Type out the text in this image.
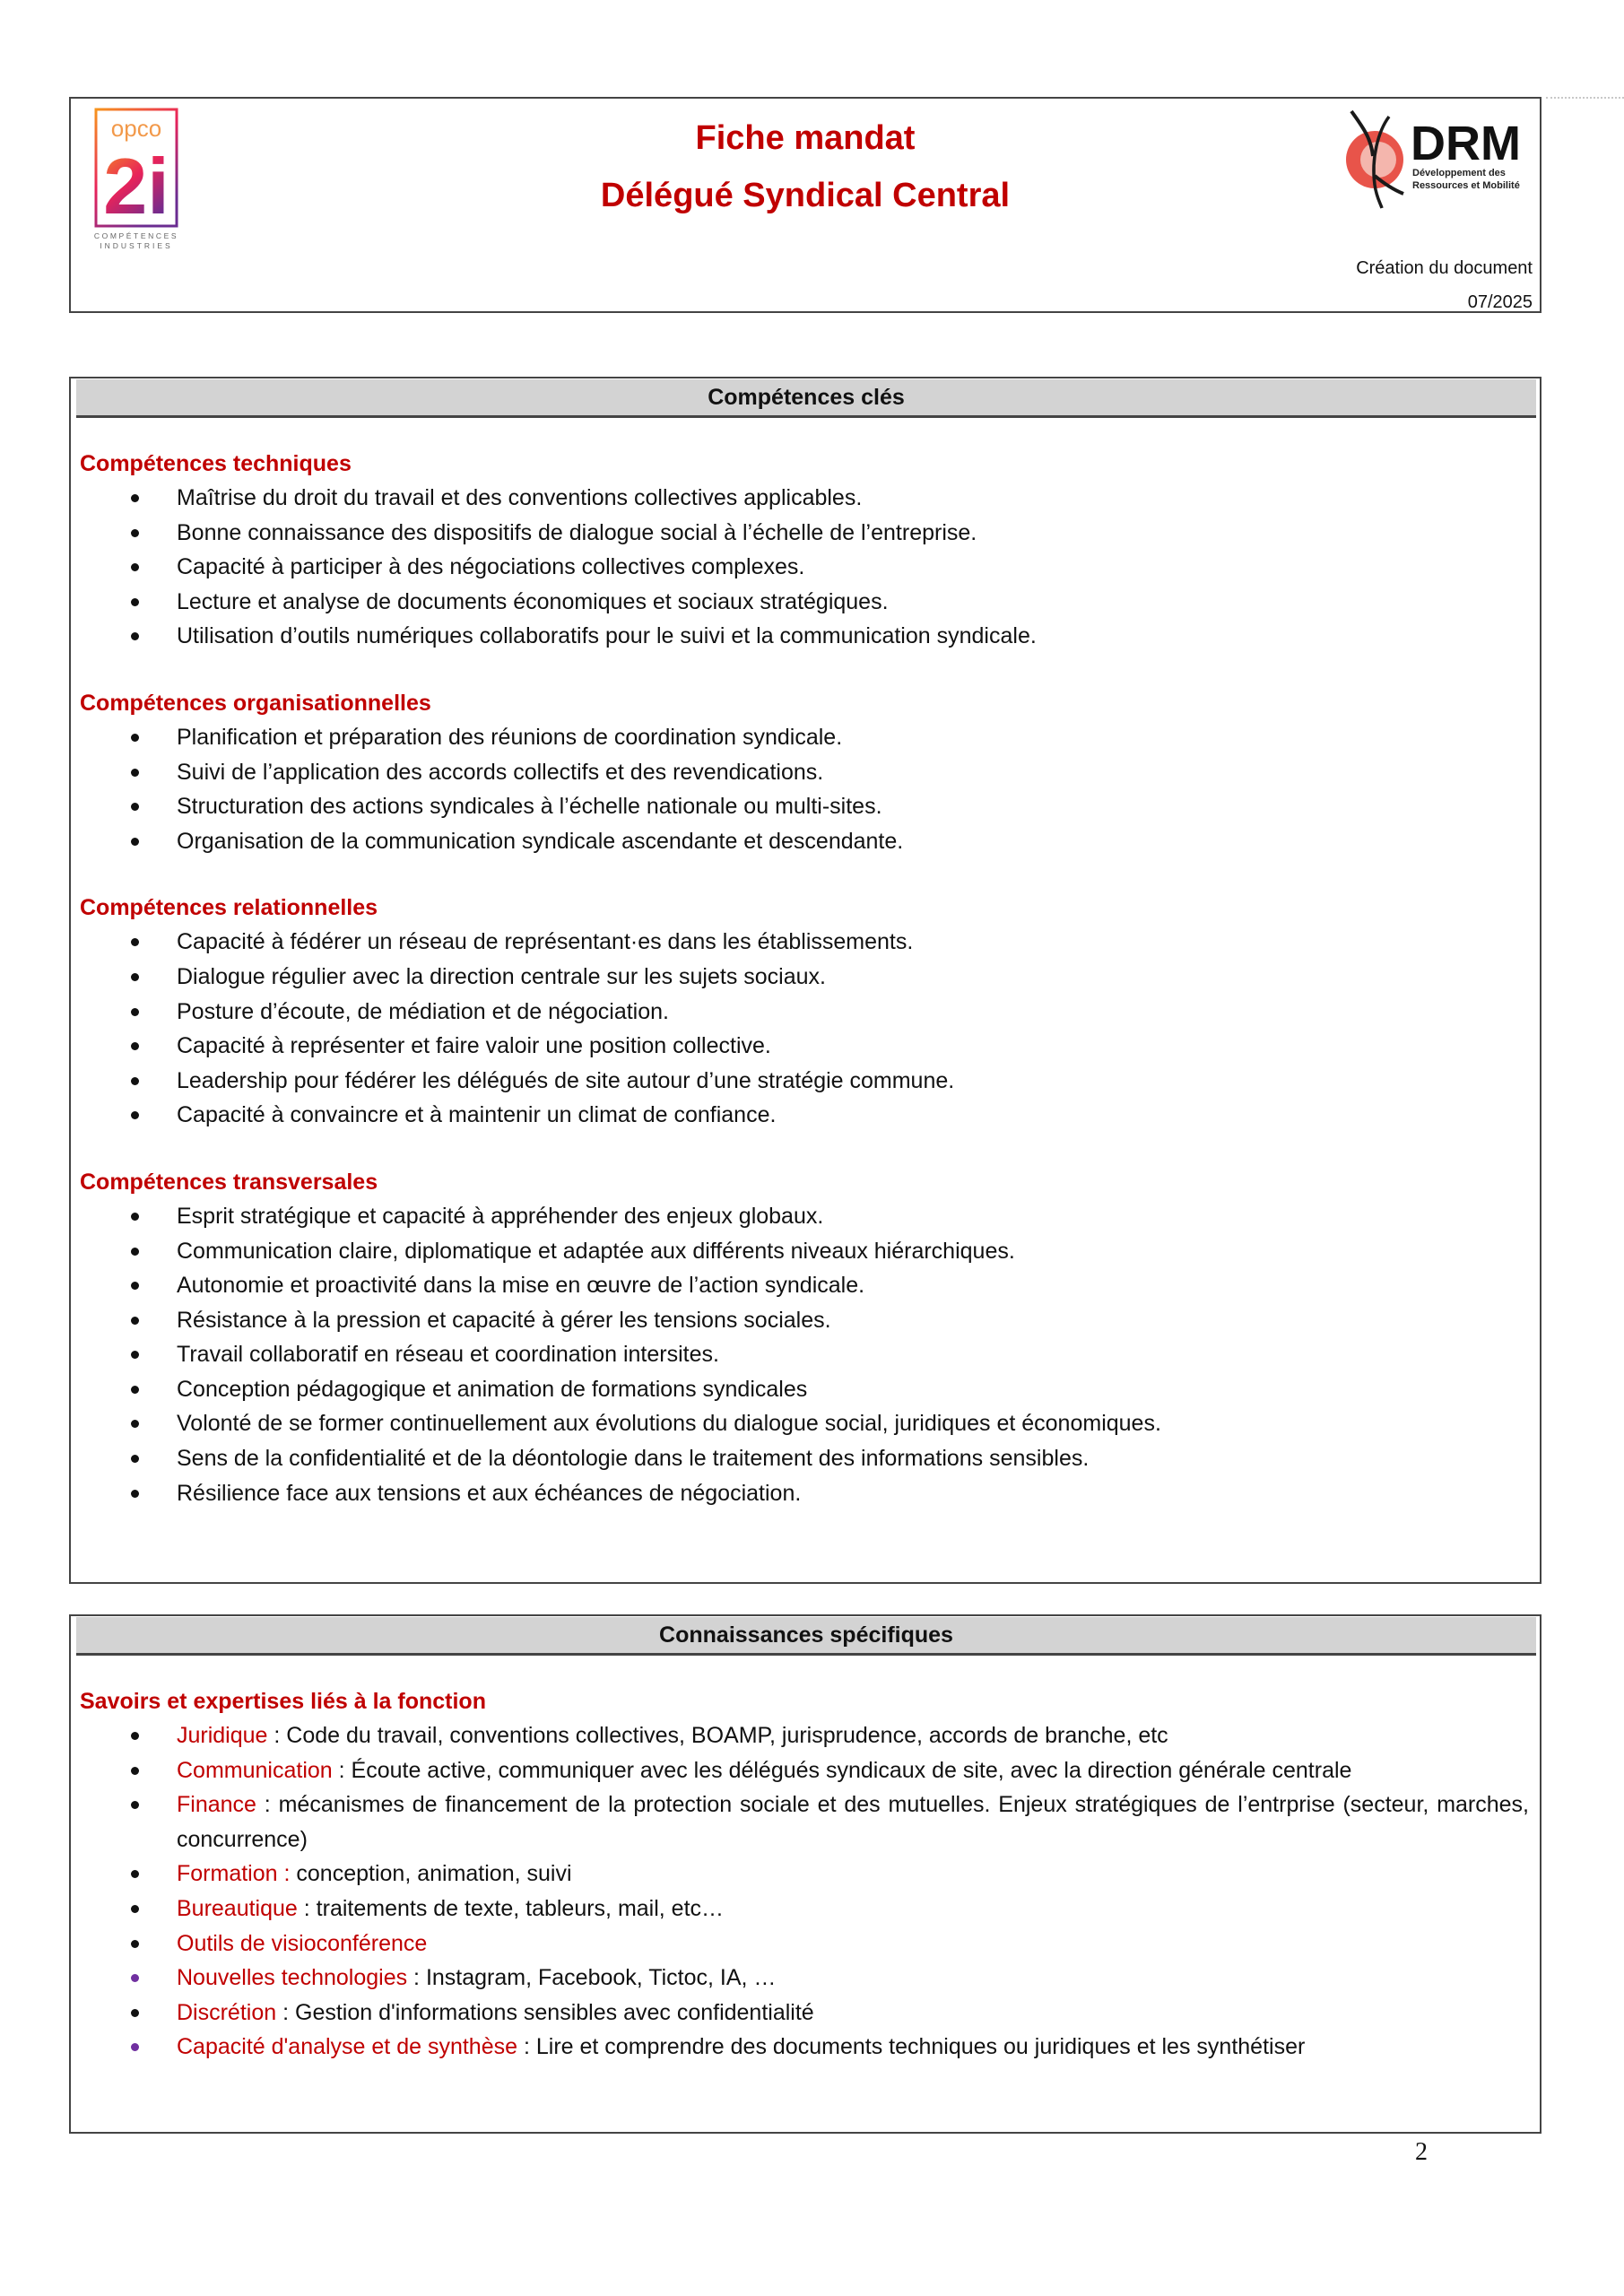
opco
2i
COMPÉTENCES
INDUSTRIES
Fiche mandat
Délégué Syndical Central
DRM
Développement des
Ressources et Mobilité
Création du document
07/2025
Compétences clés

Compétences techniques

Maîtrise du droit du travail et des conventions collectives applicables.
Bonne connaissance des dispositifs de dialogue social à l’échelle de l’entreprise.
Capacité à participer à des négociations collectives complexes.
Lecture et analyse de documents économiques et sociaux stratégiques.
Utilisation d’outils numériques collaboratifs pour le suivi et la communication syndicale.

Compétences organisationnelles

Planification et préparation des réunions de coordination syndicale.
Suivi de l’application des accords collectifs et des revendications.
Structuration des actions syndicales à l’échelle nationale ou multi-sites.
Organisation de la communication syndicale ascendante et descendante.

Compétences relationnelles

Capacité à fédérer un réseau de représentant·es dans les établissements.
Dialogue régulier avec la direction centrale sur les sujets sociaux.
Posture d’écoute, de médiation et de négociation.
Capacité à représenter et faire valoir une position collective.
Leadership pour fédérer les délégués de site autour d’une stratégie commune.
Capacité à convaincre et à maintenir un climat de confiance.

Compétences transversales

Esprit stratégique et capacité à appréhender des enjeux globaux.
Communication claire, diplomatique et adaptée aux différents niveaux hiérarchiques.
Autonomie et proactivité dans la mise en œuvre de l’action syndicale.
Résistance à la pression et capacité à gérer les tensions sociales.
Travail collaboratif en réseau et coordination intersites.
Conception pédagogique et animation de formations syndicales
Volonté de se former continuellement aux évolutions du dialogue social, juridiques et économiques.
Sens de la confidentialité et de la déontologie dans le traitement des informations sensibles.
Résilience face aux tensions et aux échéances de négociation.
Connaissances spécifiques

Savoirs et expertises liés à la fonction

Juridique : Code du travail, conventions collectives, BOAMP, jurisprudence, accords de branche, etc
Communication : Écoute active, communiquer avec les délégués syndicaux de site, avec la direction générale centrale
Finance : mécanismes de financement de la protection sociale et des mutuelles. Enjeux stratégiques de l’entrprise (secteur, marches, concurrence)
Formation : conception, animation, suivi
Bureautique : traitements de texte, tableurs, mail, etc…
Outils de visioconférence
Nouvelles technologies : Instagram, Facebook, Tictoc, IA, …
Discrétion : Gestion d'informations sensibles avec confidentialité
Capacité d'analyse et de synthèse : Lire et comprendre des documents techniques ou juridiques et les synthétiser
2
